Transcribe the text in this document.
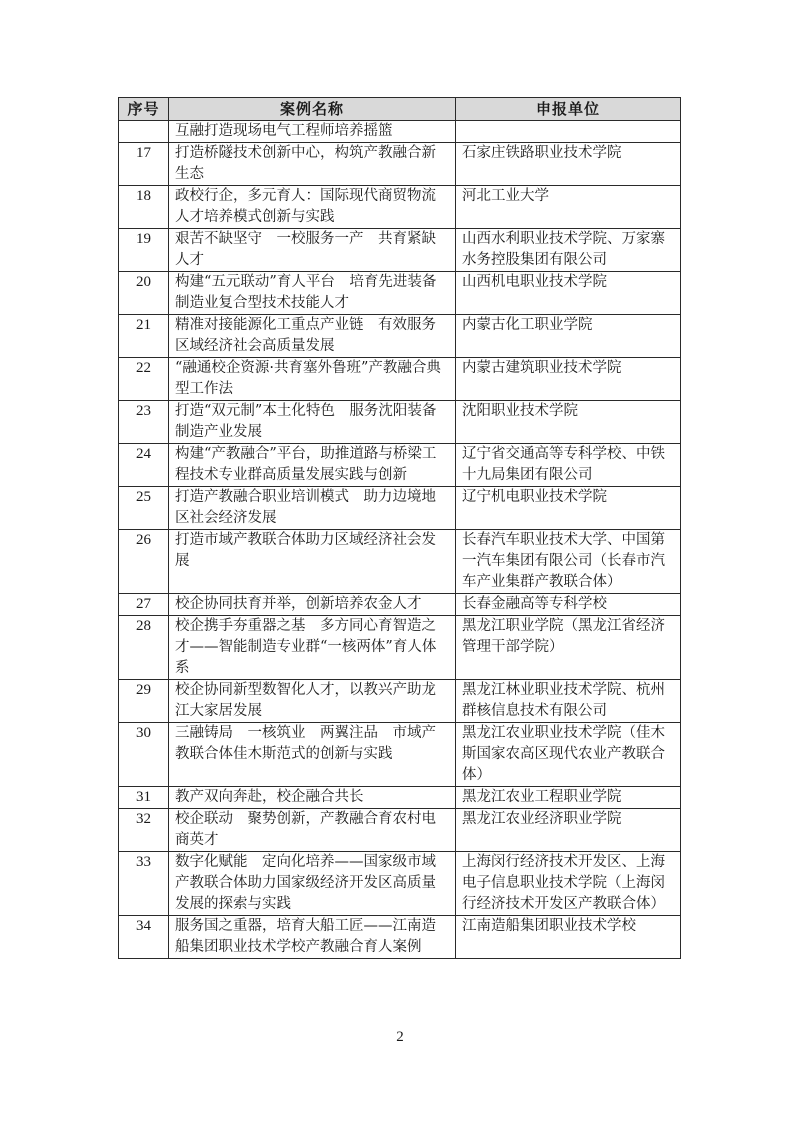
序号	案例名称	申报单位
	互融打造现场电气工程师培养摇篮	
17	打造桥隧技术创新中心，构筑产教融合新生态	石家庄铁路职业技术学院
18	政校行企，多元育人：国际现代商贸物流人才培养模式创新与实践	河北工业大学
19	艰苦不缺坚守　一校服务一产　共育紧缺人才	山西水利职业技术学院、万家寨水务控股集团有限公司
20	构建“五元联动”育人平台　培育先进装备制造业复合型技术技能人才	山西机电职业技术学院
21	精准对接能源化工重点产业链　有效服务区域经济社会高质量发展	内蒙古化工职业学院
22	“融通校企资源·共育塞外鲁班”产教融合典型工作法	内蒙古建筑职业技术学院
23	打造“双元制”本土化特色　服务沈阳装备制造产业发展	沈阳职业技术学院
24	构建“产教融合”平台，助推道路与桥梁工程技术专业群高质量发展实践与创新	辽宁省交通高等专科学校、中铁十九局集团有限公司
25	打造产教融合职业培训模式　助力边境地区社会经济发展	辽宁机电职业技术学院
26	打造市域产教联合体助力区域经济社会发展	长春汽车职业技术大学、中国第一汽车集团有限公司（长春市汽车产业集群产教联合体）
27	校企协同扶育并举，创新培养农金人才	长春金融高等专科学校
28	校企携手夯重器之基　多方同心育智造之才——智能制造专业群“一核两体”育人体系	黑龙江职业学院（黑龙江省经济管理干部学院）
29	校企协同新型数智化人才，以教兴产助龙江大家居发展	黑龙江林业职业技术学院、杭州群核信息技术有限公司
30	三融铸局　一核筑业　两翼注品　市域产教联合体佳木斯范式的创新与实践	黑龙江农业职业技术学院（佳木斯国家农高区现代农业产教联合体）
31	教产双向奔赴，校企融合共长	黑龙江农业工程职业学院
32	校企联动　聚势创新，产教融合育农村电商英才	黑龙江农业经济职业学院
33	数字化赋能　定向化培养——国家级市域产教联合体助力国家级经济开发区高质量发展的探索与实践	上海闵行经济技术开发区、上海电子信息职业技术学院（上海闵行经济技术开发区产教联合体）
34	服务国之重器，培育大船工匠——江南造船集团职业技术学校产教融合育人案例	江南造船集团职业技术学校
2
